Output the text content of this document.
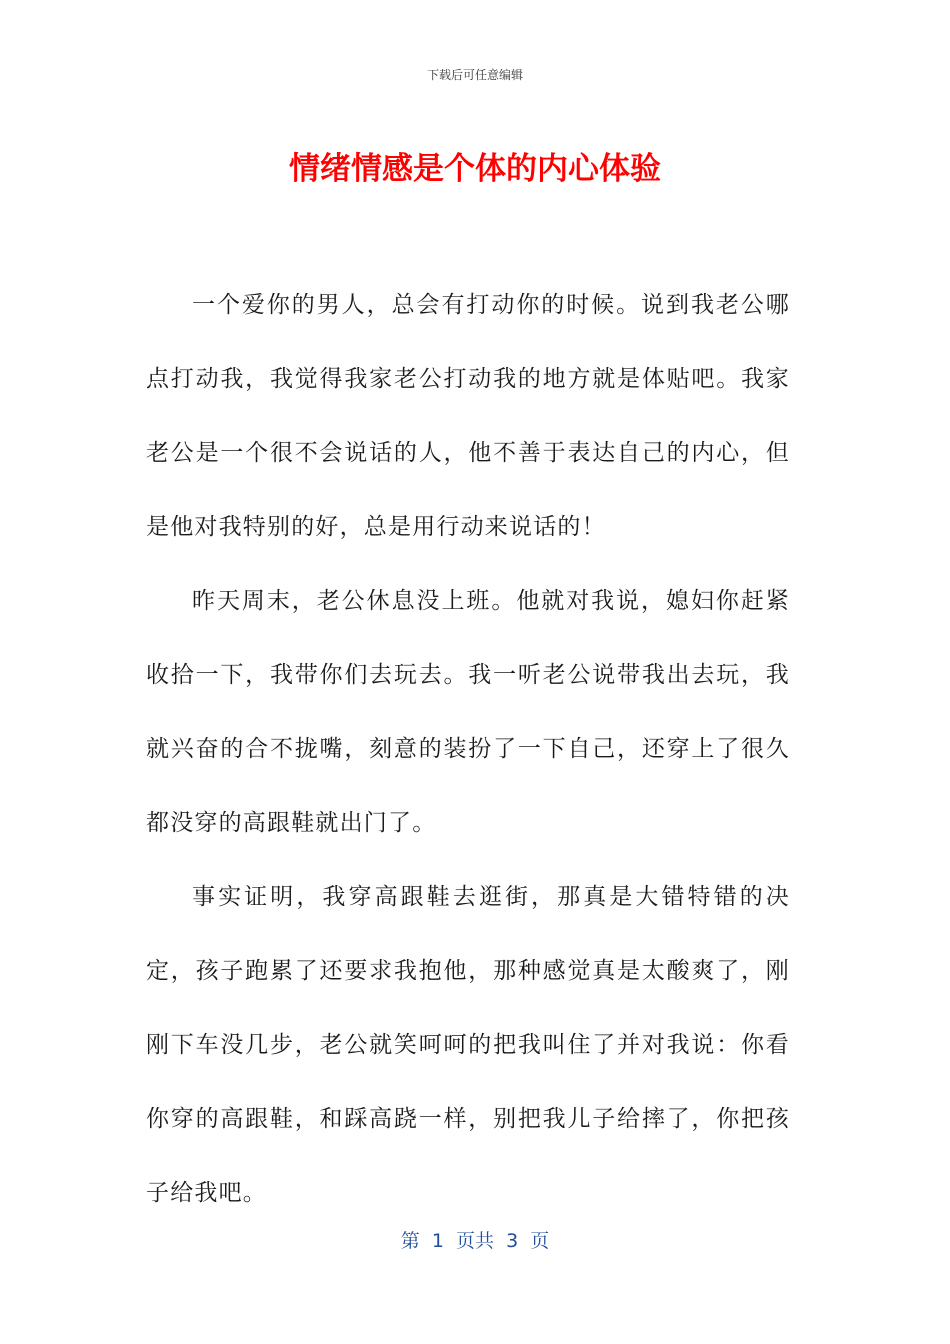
下载后可任意编辑
情绪情感是个体的内心体验

一个爱你的男人，总会有打动你的时候。说到我老公哪点打动我，我觉得我家老公打动我的地方就是体贴吧。我家老公是一个很不会说话的人，他不善于表达自己的内心，但是他对我特别的好，总是用行动来说话的！

昨天周末，老公休息没上班。他就对我说，媳妇你赶紧收拾一下，我带你们去玩去。我一听老公说带我出去玩，我就兴奋的合不拢嘴，刻意的装扮了一下自己，还穿上了很久都没穿的高跟鞋就出门了。

事实证明，我穿高跟鞋去逛街，那真是大错特错的决定，孩子跑累了还要求我抱他，那种感觉真是太酸爽了，刚刚下车没几步，老公就笑呵呵的把我叫住了并对我说：你看你穿的高跟鞋，和踩高跷一样，别把我儿子给摔了，你把孩子给我吧。

第  1  页共  3  页
